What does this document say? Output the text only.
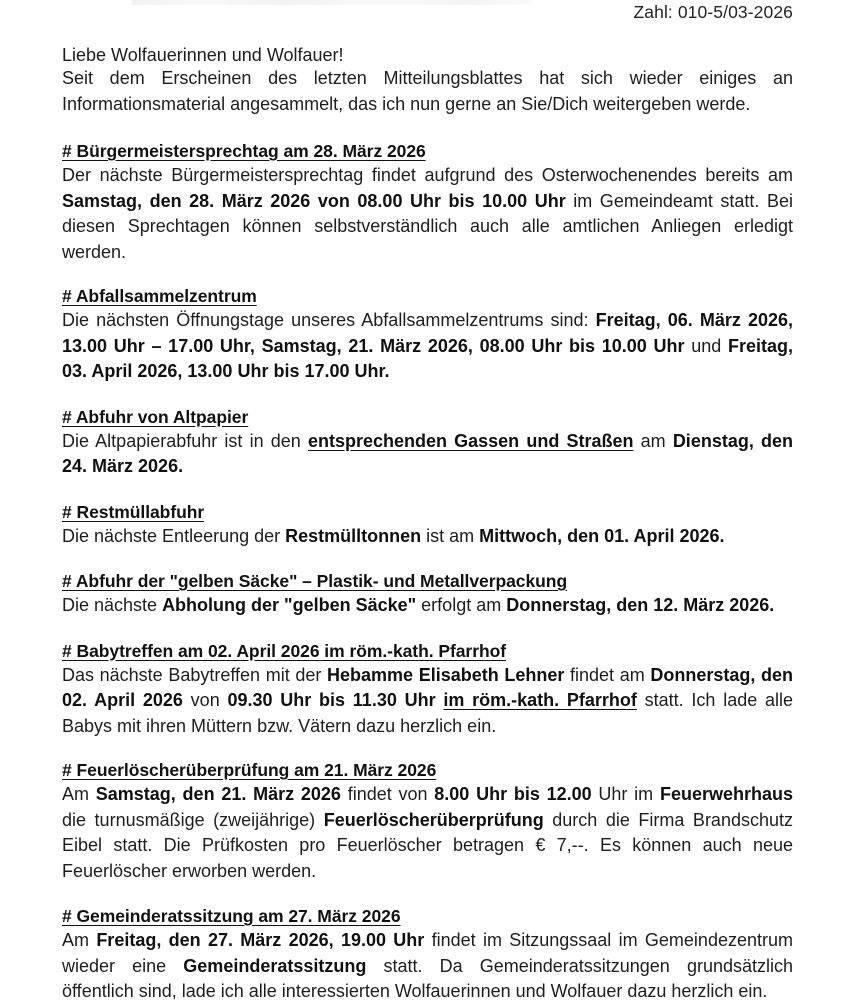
Zahl: 010-5/03-2026
Liebe Wolfauerinnen und Wolfauer!

Seit dem Erscheinen des letzten Mitteilungsblattes hat sich wieder einiges an Informationsmaterial angesammelt, das ich nun gerne an Sie/Dich weitergeben werde.

# Bürgermeistersprechtag am 28. März 2026

Der nächste Bürgermeistersprechtag findet aufgrund des Osterwochenendes bereits am Samstag, den 28. März 2026 von 08.00 Uhr bis 10.00 Uhr im Gemeindeamt statt. Bei diesen Sprechtagen können selbstverständlich auch alle amtlichen Anliegen erledigt werden.

# Abfallsammelzentrum

Die nächsten Öffnungstage unseres Abfallsammelzentrums sind: Freitag, 06. März 2026, 13.00 Uhr – 17.00 Uhr, Samstag, 21. März 2026, 08.00 Uhr bis 10.00 Uhr und Freitag, 03. April 2026, 13.00 Uhr bis 17.00 Uhr.

# Abfuhr von Altpapier

Die Altpapierabfuhr ist in den entsprechenden Gassen und Straßen am Dienstag, den 24. März 2026.

# Restmüllabfuhr

Die nächste Entleerung der Restmülltonnen ist am Mittwoch, den 01. April 2026.

# Abfuhr der "gelben Säcke" – Plastik- und Metallverpackung

Die nächste Abholung der "gelben Säcke" erfolgt am Donnerstag, den 12. März 2026.

# Babytreffen am 02. April 2026 im röm.-kath. Pfarrhof

Das nächste Babytreffen mit der Hebamme Elisabeth Lehner findet am Donnerstag, den 02. April 2026 von 09.30 Uhr bis 11.30 Uhr im röm.-kath. Pfarrhof statt. Ich lade alle Babys mit ihren Müttern bzw. Vätern dazu herzlich ein.

# Feuerlöscherüberprüfung am 21. März 2026

Am Samstag, den 21. März 2026 findet von 8.00 Uhr bis 12.00 Uhr im Feuerwehrhaus die turnusmäßige (zweijährige) Feuerlöscherüberprüfung durch die Firma Brandschutz Eibel statt. Die Prüfkosten pro Feuerlöscher betragen € 7,--. Es können auch neue Feuerlöscher erworben werden.

# Gemeinderatssitzung am 27. März 2026

Am Freitag, den 27. März 2026, 19.00 Uhr findet im Sitzungssaal im Gemeindezentrum wieder eine Gemeinderatssitzung statt. Da Gemeinderatssitzungen grundsätzlich öffentlich sind, lade ich alle interessierten Wolfauerinnen und Wolfauer dazu herzlich ein.
